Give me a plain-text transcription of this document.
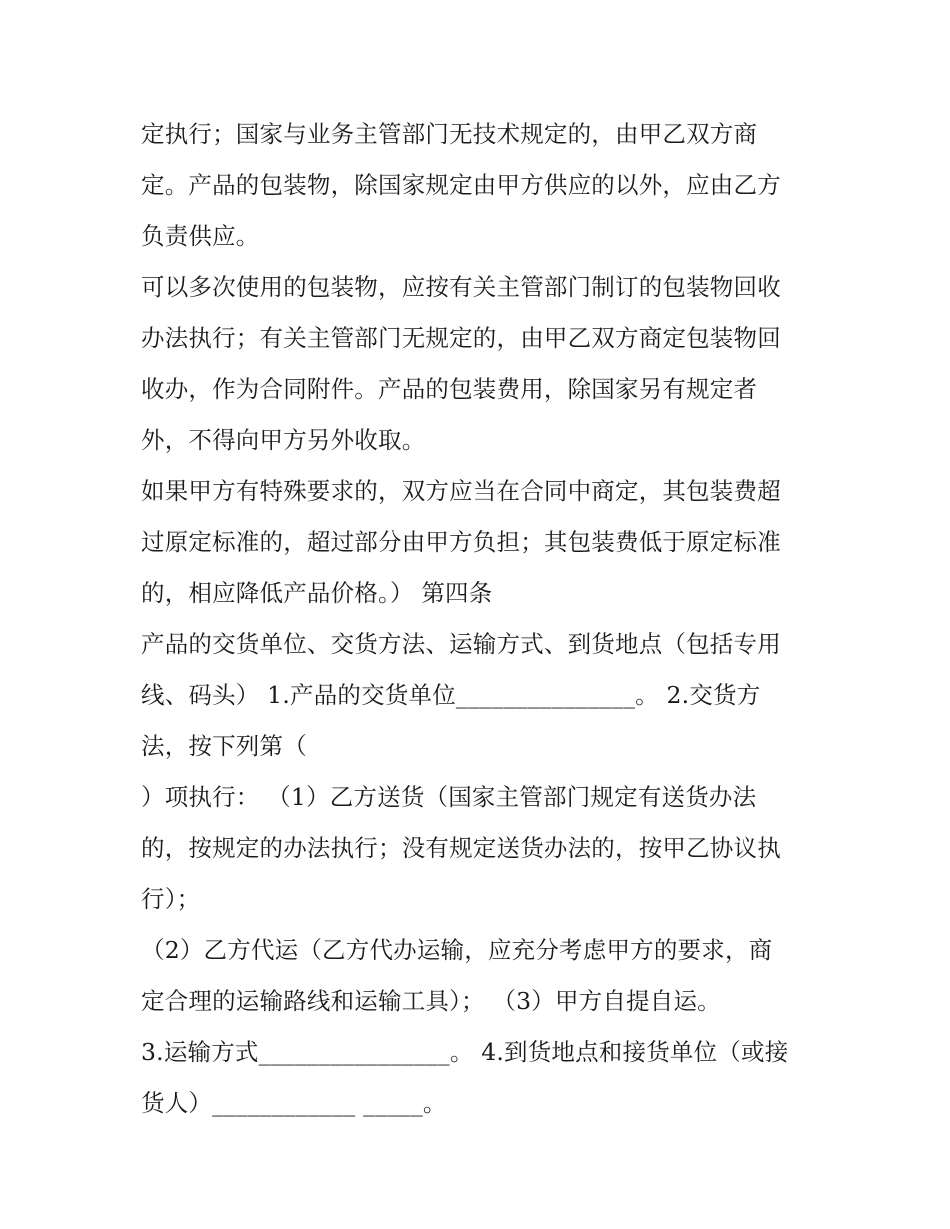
定执行；国家与业务主管部门无技术规定的，由甲乙双方商
定。产品的包装物，除国家规定由甲方供应的以外，应由乙方
负责供应。
可以多次使用的包装物，应按有关主管部门制订的包装物回收
办法执行；有关主管部门无规定的，由甲乙双方商定包装物回
收办，作为合同附件。产品的包装费用，除国家另有规定者
外，不得向甲方另外收取。
如果甲方有特殊要求的，双方应当在合同中商定，其包装费超
过原定标准的，超过部分由甲方负担；其包装费低于原定标准
的，相应降低产品价格。） 第四条
产品的交货单位、交货方法、运输方式、到货地点（包括专用
线、码头） 1.产品的交货单位_______________。 2.交货方
法，按下列第（
）项执行： （1）乙方送货（国家主管部门规定有送货办法
的，按规定的办法执行；没有规定送货办法的，按甲乙协议执
行）；
（2）乙方代运（乙方代办运输，应充分考虑甲方的要求，商
定合理的运输路线和运输工具）； （3）甲方自提自运。
3.运输方式________________。 4.到货地点和接货单位（或接
货人）____________ _____。
